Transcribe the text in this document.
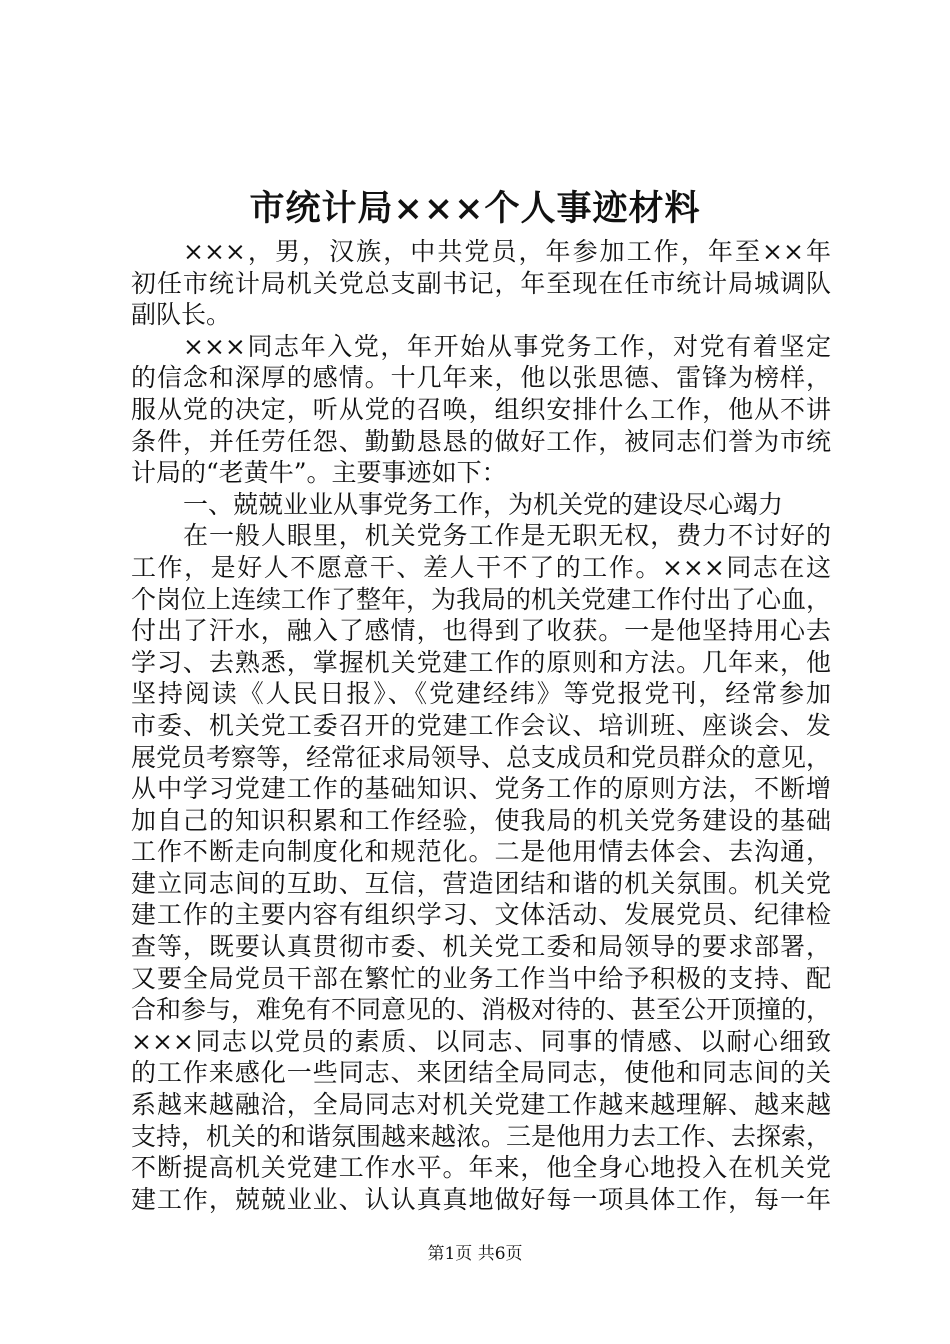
市统计局×××个人事迹材料
×××，男，汉族，中共党员，年参加工作，年至××年
初任市统计局机关党总支副书记，年至现在任市统计局城调队
副队长。
×××同志年入党，年开始从事党务工作，对党有着坚定
的信念和深厚的感情。十几年来，他以张思德、雷锋为榜样，
服从党的决定，听从党的召唤，组织安排什么工作，他从不讲
条件，并任劳任怨、勤勤恳恳的做好工作，被同志们誉为市统
计局的“老黄牛”。主要事迹如下：
一、兢兢业业从事党务工作，为机关党的建设尽心竭力
在一般人眼里，机关党务工作是无职无权，费力不讨好的
工作，是好人不愿意干、差人干不了的工作。×××同志在这
个岗位上连续工作了整年，为我局的机关党建工作付出了心血，
付出了汗水，融入了感情，也得到了收获。一是他坚持用心去
学习、去熟悉，掌握机关党建工作的原则和方法。几年来，他
坚持阅读《人民日报》、《党建经纬》等党报党刊，经常参加
市委、机关党工委召开的党建工作会议、培训班、座谈会、发
展党员考察等，经常征求局领导、总支成员和党员群众的意见，
从中学习党建工作的基础知识、党务工作的原则方法，不断增
加自己的知识积累和工作经验，使我局的机关党务建设的基础
工作不断走向制度化和规范化。二是他用情去体会、去沟通，
建立同志间的互助、互信，营造团结和谐的机关氛围。机关党
建工作的主要内容有组织学习、文体活动、发展党员、纪律检
查等，既要认真贯彻市委、机关党工委和局领导的要求部署，
又要全局党员干部在繁忙的业务工作当中给予积极的支持、配
合和参与，难免有不同意见的、消极对待的、甚至公开顶撞的，
×××同志以党员的素质、以同志、同事的情感、以耐心细致
的工作来感化一些同志、来团结全局同志，使他和同志间的关
系越来越融洽，全局同志对机关党建工作越来越理解、越来越
支持，机关的和谐氛围越来越浓。三是他用力去工作、去探索，
不断提高机关党建工作水平。年来，他全身心地投入在机关党
建工作，兢兢业业、认认真真地做好每一项具体工作，每一年
第1页 共6页
